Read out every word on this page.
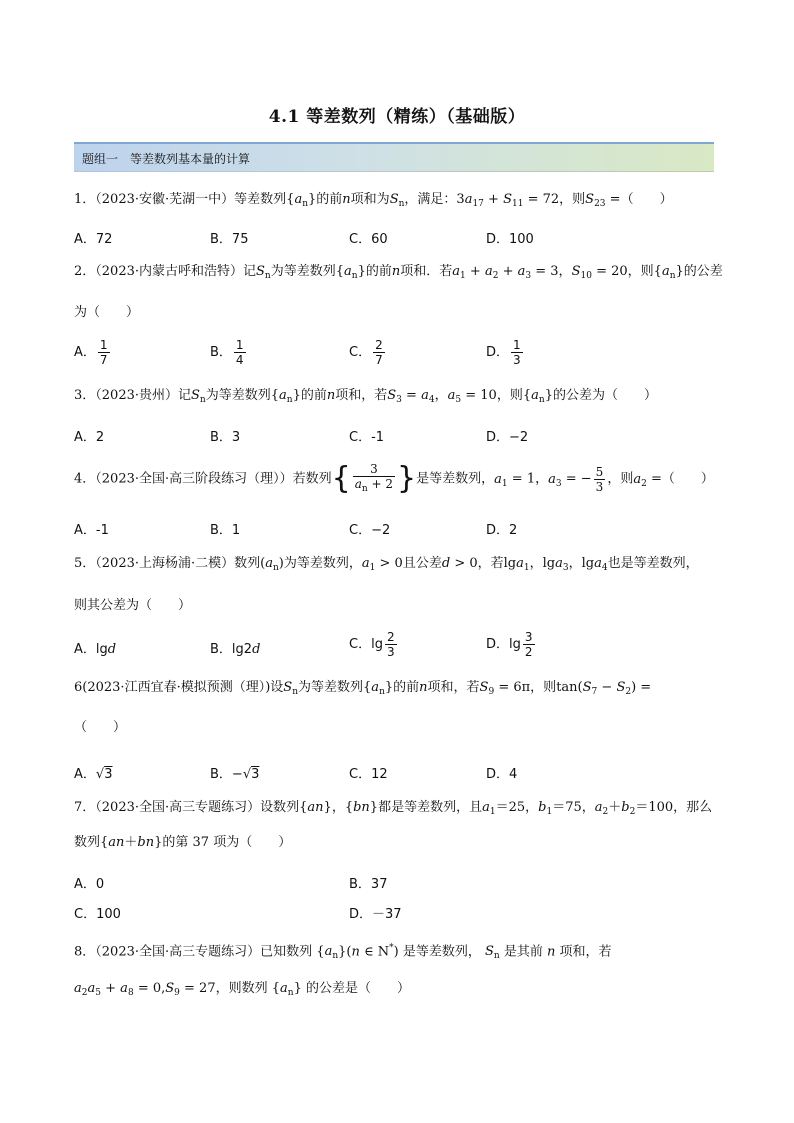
4.1 等差数列（精练）（基础版）
题组一　等差数列基本量的计算
1．（2023·安徽·芜湖一中）等差数列$\{a_n\}$的前n项和为$S_n$，满足：$3a_{17} + S_{11} = 72$，则$S_{23}$ =（　　）
A．72	B．75	C．60	D．100
2．（2023·内蒙古呼和浩特）记$S_n$为等差数列$\{a_n\}$的前n项和．若$a_1 + a_2 + a_3 = 3$，$S_{10} = 20$，则$\{a_n\}$的公差
为（　　）
A． $\frac{1}{7}$	B． $\frac{1}{4}$	C． $\frac{2}{7}$	D． $\frac{1}{3}$
3．（2023·贵州）记$S_n$为等差数列$\{a_n\}$的前n项和，若$S_3 = a_4$，$a_5 = 10$，则$\{a_n\}$的公差为（　　）
A．2	B．3	C．-1	D．−2
4．（2023·全国·高三阶段练习（理））若数列{ $\frac{3}{a_n + 2}$ }是等差数列，$a_1 = 1$，$a_3$ = − $\frac{5}{3}$ ，则$a_2$ =（　　）
A．-1	B．1	C．−2	D．2
5．（2023·上海杨浦·二模）数列$(a_n)$为等差数列，$a_1 > 0$且公差d > 0，若lga$_1$，lga$_3$，lga$_4$也是等差数列，
则其公差为（　　）
A．lgd	B．lg2d	C．$\lg \frac{2}{3}$	D．$\lg \frac{3}{2}$
6(2023·江西宜春·模拟预测（理）)设$S_n$为等差数列$\{a_n\}$的前n项和，若$S_9 = 6\pi$，则$\tan(S_7 - S_2)$ =
（　　）
A．√3	B．−√3	C．12	D．4
7．（2023·全国·高三专题练习）设数列{an}，{bn}都是等差数列，且$a_1=25$，$b_1=75$，$a_2+b_2=100$，那么
数列{an＋bn}的第 37 项为（　　）
A．0	B．37
C．100	D．－37
8．（2023·全国·高三专题练习）已知数列 $\{a_n\}(n$ ∈ N*) 是等差数列， $S_n$ 是其前 n 项和，若
$a_2a_5 + a_8 = 0,S_9 = 27$，则数列 $\{a_n\}$ 的公差是（　　）
